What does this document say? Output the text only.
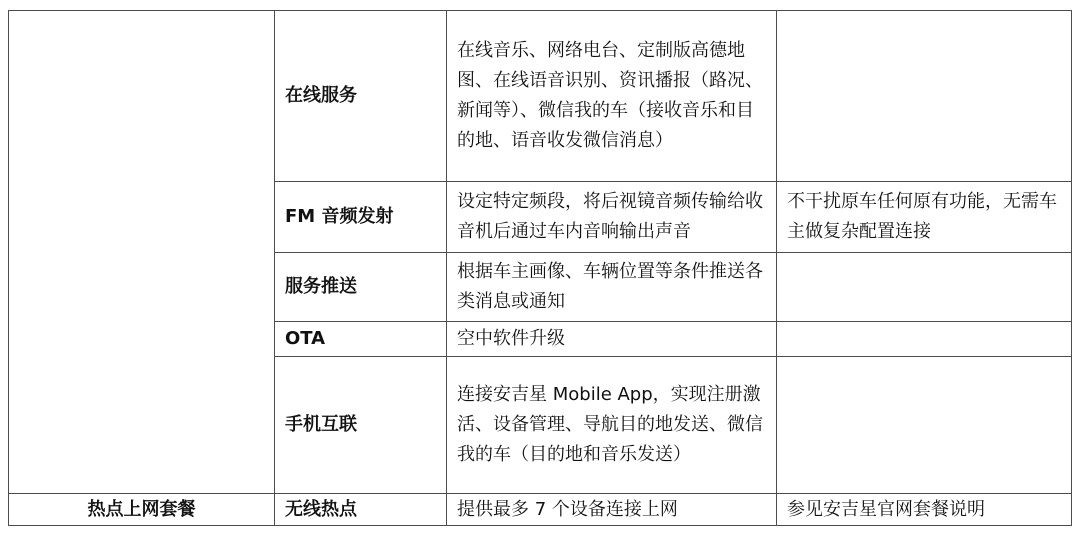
	在线服务	在线音乐、网络电台、定制版高德地图、在线语音识别、资讯播报（路况、新闻等）、微信我的车（接收音乐和目的地、语音收发微信消息）	
	FM 音频发射	设定特定频段，将后视镜音频传输给收音机后通过车内音响输出声音	不干扰原车任何原有功能，无需车主做复杂配置连接
	服务推送	根据车主画像、车辆位置等条件推送各类消息或通知	
	OTA	空中软件升级	
	手机互联	连接安吉星 Mobile App，实现注册激活、设备管理、导航目的地发送、微信我的车（目的地和音乐发送）	
热点上网套餐	无线热点	提供最多 7 个设备连接上网	参见安吉星官网套餐说明
